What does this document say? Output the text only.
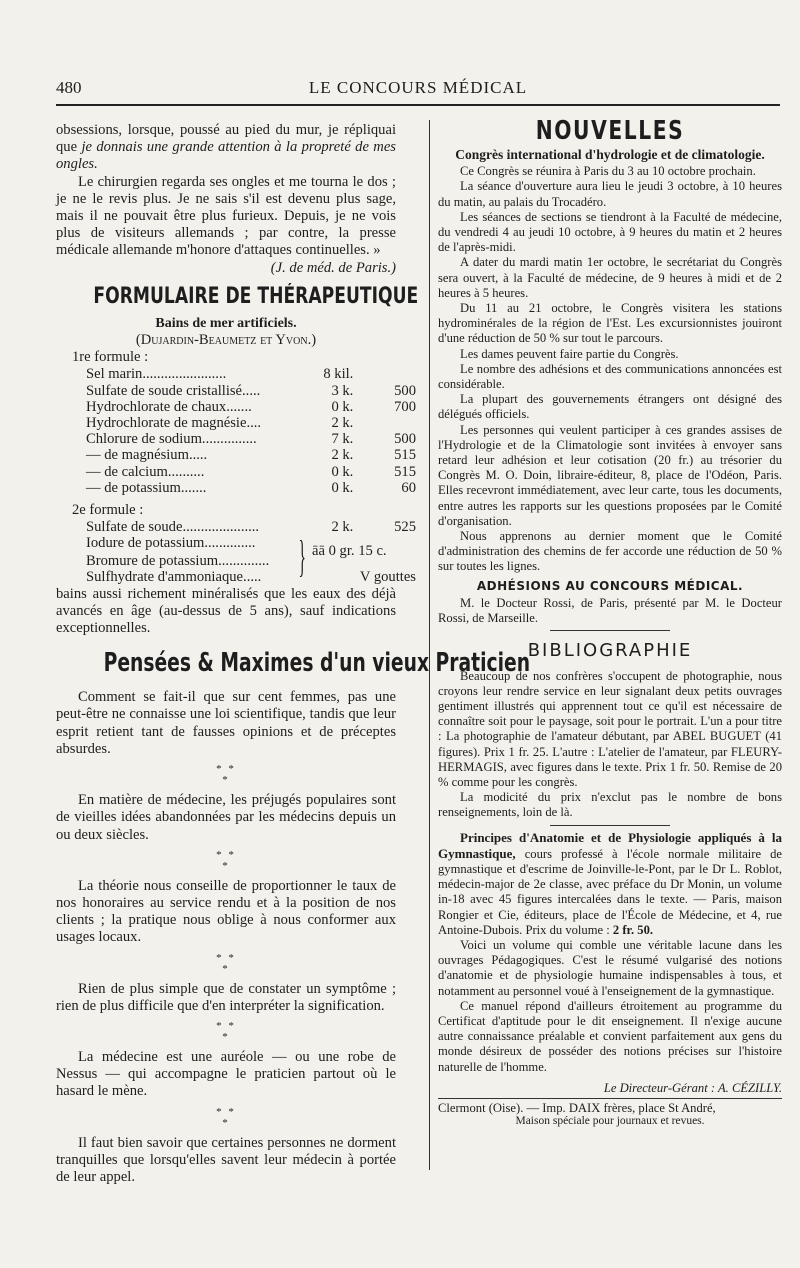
480	LE CONCOURS MÉDICAL

obsessions, lorsque, poussé au pied du mur, je répliquai que je donnais une grande attention à la propreté de mes ongles.

Le chirurgien regarda ses ongles et me tourna le dos ; je ne le revis plus. Je ne sais s'il est devenu plus sage, mais il ne pouvait être plus furieux. Depuis, je ne vois plus de visiteurs allemands ; par contre, la presse médicale allemande m'honore d'attaques continuelles. »

(J. de méd. de Paris.)

FORMULAIRE DE THÉRAPEUTIQUE
Bains de mer artificiels.
(Dujardin-Beaumetz et Yvon.)

1re formule :

Sel marin.......................	8 kil.	
Sulfate de soude cristallisé.....	3 k.	500
Hydrochlorate de chaux.......	0 k.	700
Hydrochlorate de magnésie....	2 k.	
Chlorure de sodium...............	7 k.	500
— de magnésium.....	2 k.	515
— de calcium..........	0 k.	515
— de potassium.......	0 k.	60

2e formule :

Sulfate de soude.....................	2 k.	525
Iodure de potassium..............
Bromure de potassium.............. } āā 0 gr. 15 c.
Sulfhydrate d'ammoniaque.....	V gouttes

bains aussi richement minéralisés que les eaux des déjà avancés en âge (au-dessus de 5 ans), sauf indications exceptionnelles.

Pensées & Maximes d'un vieux Praticien

Comment se fait-il que sur cent femmes, pas une peut-être ne connaisse une loi scientifique, tandis que leur esprit retient tant de fausses opinions et de préceptes absurdes.

* *
*

En matière de médecine, les préjugés populaires sont de vieilles idées abandonnées par les médecins depuis un ou deux siècles.

* *
*

La théorie nous conseille de proportionner le taux de nos honoraires au service rendu et à la position de nos clients ; la pratique nous oblige à nous conformer aux usages locaux.

* *
*

Rien de plus simple que de constater un symptôme ; rien de plus difficile que d'en interpréter la signification.

* *
*

La médecine est une auréole — ou une robe de Nessus — qui accompagne le praticien partout où le hasard le mène.

* *
*

Il faut bien savoir que certaines personnes ne dorment tranquilles que lorsqu'elles savent leur médecin à portée de leur appel.

NOUVELLES
Congrès international d'hydrologie et de climatologie.

Ce Congrès se réunira à Paris du 3 au 10 octobre prochain.

La séance d'ouverture aura lieu le jeudi 3 octobre, à 10 heures du matin, au palais du Trocadéro.

Les séances de sections se tiendront à la Faculté de médecine, du vendredi 4 au jeudi 10 octobre, à 9 heures du matin et 2 heures de l'après-midi.

A dater du mardi matin 1er octobre, le secrétariat du Congrès sera ouvert, à la Faculté de médecine, de 9 heures à midi et de 2 heures à 5 heures.

Du 11 au 21 octobre, le Congrès visitera les stations hydrominérales de la région de l'Est. Les excursionnistes jouiront d'une réduction de 50 % sur tout le parcours.

Les dames peuvent faire partie du Congrès.

Le nombre des adhésions et des communications annoncées est considérable.

La plupart des gouvernements étrangers ont désigné des délégués officiels.

Les personnes qui veulent participer à ces grandes assises de l'Hydrologie et de la Climatologie sont invitées à envoyer sans retard leur adhésion et leur cotisation (20 fr.) au trésorier du Congrès M. O. Doin, libraire-éditeur, 8, place de l'Odéon, Paris. Elles recevront immédiatement, avec leur carte, tous les documents, entre autres les rapports sur les questions proposées par le Comité d'organisation.

Nous apprenons au dernier moment que le Comité d'administration des chemins de fer accorde une réduction de 50 % sur toutes les lignes.

ADHÉSIONS AU CONCOURS MÉDICAL.

M. le Docteur Rossi, de Paris, présenté par M. le Docteur Rossi, de Marseille.

BIBLIOGRAPHIE

Beaucoup de nos confrères s'occupent de photographie, nous croyons leur rendre service en leur signalant deux petits ouvrages gentiment illustrés qui apprennent tout ce qu'il est nécessaire de connaître soit pour le paysage, soit pour le portrait. L'un a pour titre : La photographie de l'amateur débutant, par ABEL BUGUET (41 figures). Prix 1 fr. 25. L'autre : L'atelier de l'amateur, par FLEURY-HERMAGIS, avec figures dans le texte. Prix 1 fr. 50. Remise de 20 % comme pour les congrès.

La modicité du prix n'exclut pas le nombre de bons renseignements, loin de là.

Principes d'Anatomie et de Physiologie appliqués à la Gymnastique, cours professé à l'école normale militaire de gymnastique et d'escrime de Joinville-le-Pont, par le Dr L. Roblot, médecin-major de 2e classe, avec préface du Dr Monin, un volume in-18 avec 45 figures intercalées dans le texte. — Paris, maison Rongier et Cie, éditeurs, place de l'École de Médecine, et 4, rue Antoine-Dubois. Prix du volume : 2 fr. 50.

Voici un volume qui comble une véritable lacune dans les ouvrages Pédagogiques. C'est le résumé vulgarisé des notions d'anatomie et de physiologie humaine indispensables à tous, et notamment au personnel voué à l'enseignement de la gymnastique.

Ce manuel répond d'ailleurs étroitement au programme du Certificat d'aptitude pour le dit enseignement. Il n'exige aucune autre connaissance préalable et convient parfaitement aux gens du monde désireux de posséder des notions précises sur l'histoire naturelle de l'homme.

Le Directeur-Gérant : A. CÉZILLY.

Clermont (Oise). — Imp. DAIX frères, place St André,

Maison spéciale pour journaux et revues.
